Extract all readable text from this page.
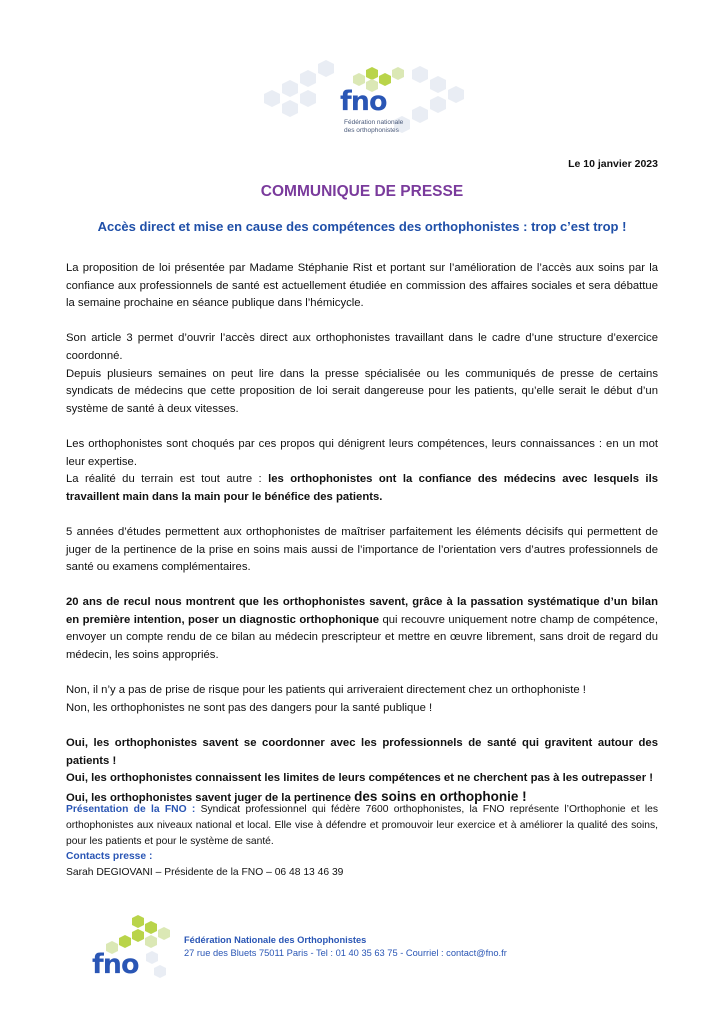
fno
Fédération nationale
des orthophonistes
Le 10 janvier 2023
COMMUNIQUE DE PRESSE
Accès direct et mise en cause des compétences des orthophonistes : trop c’est trop !

La proposition de loi présentée par Madame Stéphanie Rist et portant sur l’amélioration de l’accès aux soins par la confiance aux professionnels de santé est actuellement étudiée en commission des affaires sociales et sera débattue la semaine prochaine en séance publique dans l’hémicycle.

Son article 3 permet d’ouvrir l’accès direct aux orthophonistes travaillant dans le cadre d’une structure d’exercice coordonné.
Depuis plusieurs semaines on peut lire dans la presse spécialisée ou les communiqués de presse de certains syndicats de médecins que cette proposition de loi serait dangereuse pour les patients, qu’elle serait le début d’un système de santé à deux vitesses.

Les orthophonistes sont choqués par ces propos qui dénigrent leurs compétences, leurs connaissances : en un mot leur expertise.
La réalité du terrain est tout autre : les orthophonistes ont la confiance des médecins avec lesquels ils travaillent main dans la main pour le bénéfice des patients.

5 années d’études permettent aux orthophonistes de maîtriser parfaitement les éléments décisifs qui permettent de juger de la pertinence de la prise en soins mais aussi de l’importance de l’orientation vers d’autres professionnels de santé ou examens complémentaires.

20 ans de recul nous montrent que les orthophonistes savent, grâce à la passation systématique d’un bilan en première intention, poser un diagnostic orthophonique qui recouvre uniquement notre champ de compétence, envoyer un compte rendu de ce bilan au médecin prescripteur et mettre en œuvre librement, sans droit de regard du médecin, les soins appropriés.

Non, il n’y a pas de prise de risque pour les patients qui arriveraient directement chez un orthophoniste !
Non, les orthophonistes ne sont pas des dangers pour la santé publique !

Oui, les orthophonistes savent se coordonner avec les professionnels de santé qui gravitent autour des patients !
Oui, les orthophonistes connaissent les limites de leurs compétences et ne cherchent pas à les outrepasser !
Oui, les orthophonistes savent juger de la pertinence des soins en orthophonie !

Présentation de la FNO : Syndicat professionnel qui fédère 7600 orthophonistes, la FNO représente l’Orthophonie et les orthophonistes aux niveaux national et local. Elle vise à défendre et promouvoir leur exercice et à améliorer la qualité des soins, pour les patients et pour le système de santé.

Contacts presse :

Sarah DEGIOVANI – Présidente de la FNO – 06 48 13 46 39

fno
Fédération Nationale des Orthophonistes
27 rue des Bluets 75011 Paris - Tel : 01 40 35 63 75 - Courriel : contact@fno.fr
